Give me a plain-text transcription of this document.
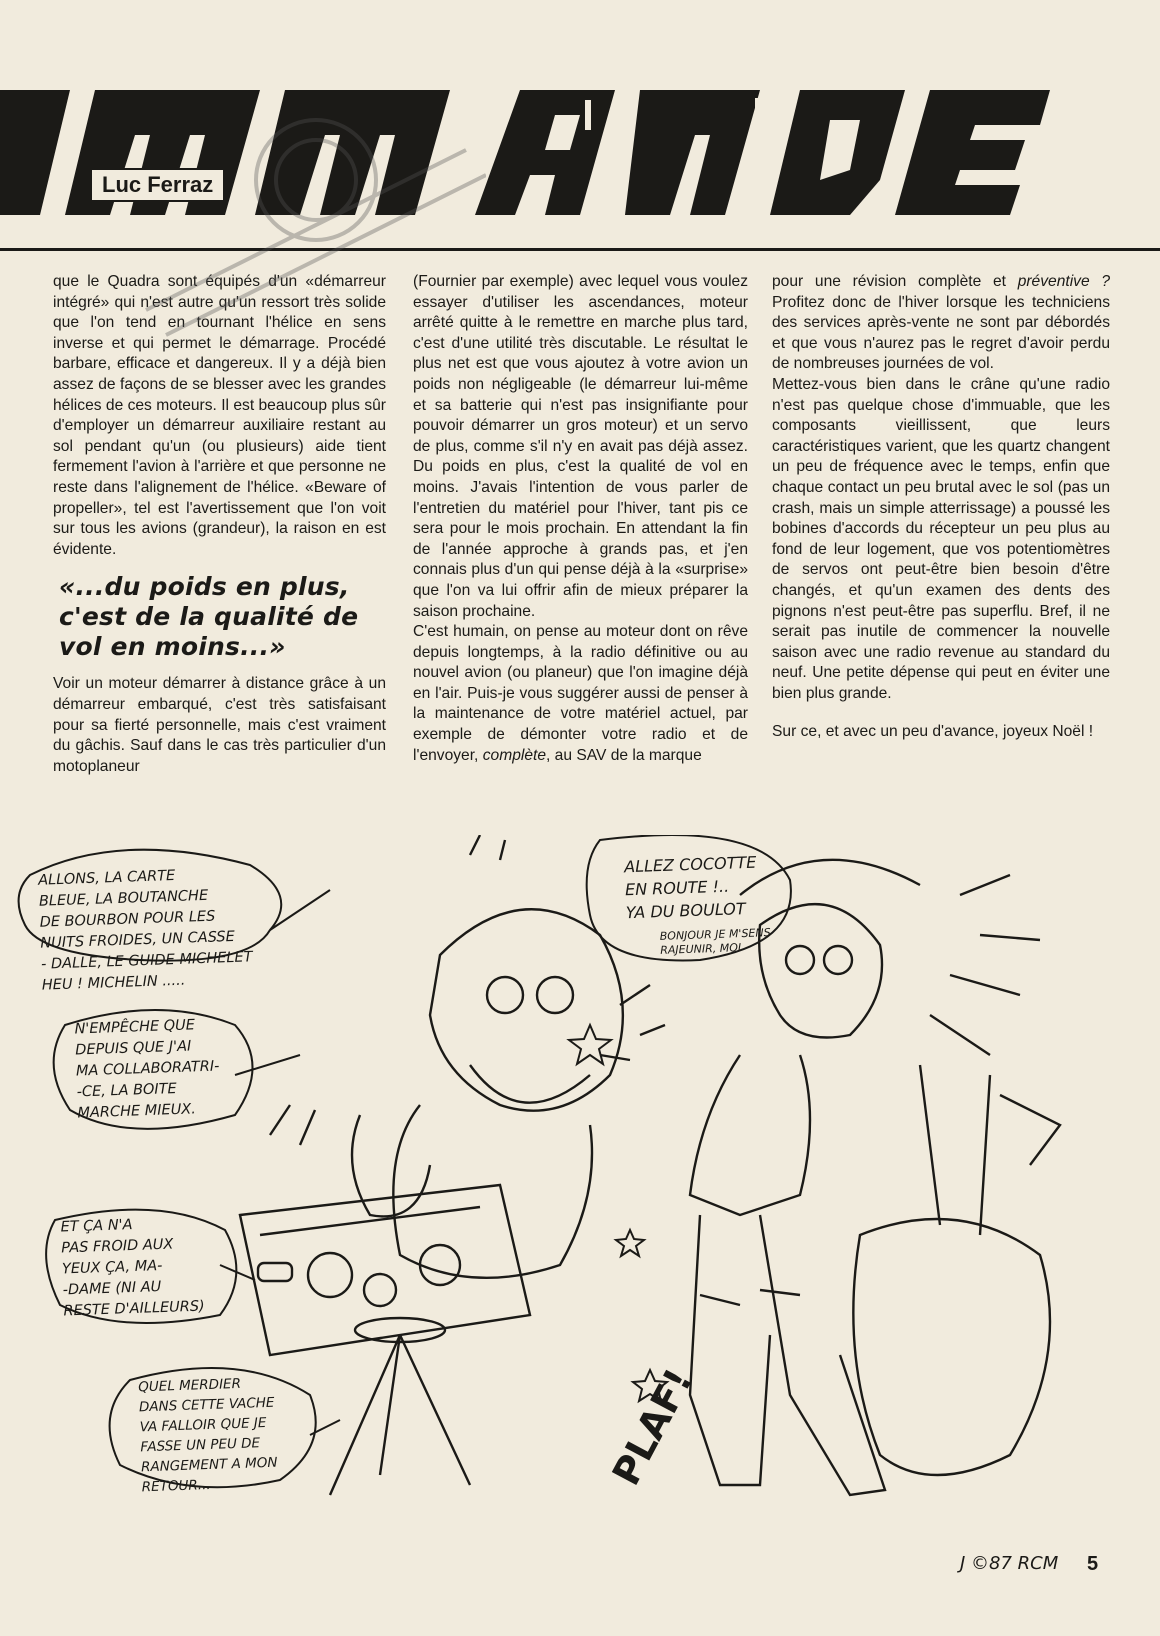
Luc Ferraz

que le Quadra sont équipés d'un «démarreur intégré» qui n'est autre qu'un ressort très solide que l'on tend en tournant l'hélice en sens inverse et qui permet le démarrage. Procédé barbare, efficace et dangereux. Il y a déjà bien assez de façons de se blesser avec les grandes hélices de ces moteurs. Il est beaucoup plus sûr d'employer un démarreur auxiliaire restant au sol pendant qu'un (ou plusieurs) aide tient fermement l'avion à l'arrière et que personne ne reste dans l'alignement de l'hélice. «Beware of propeller», tel est l'avertissement que l'on voit sur tous les avions (grandeur), la raison en est évidente.

«...du poids en plus, c'est de la qualité de vol en moins...»

Voir un moteur démarrer à distance grâce à un démarreur embarqué, c'est très satisfaisant pour sa fierté personnelle, mais c'est vraiment du gâchis. Sauf dans le cas très particulier d'un motoplaneur

(Fournier par exemple) avec lequel vous voulez essayer d'utiliser les ascendances, moteur arrêté quitte à le remettre en marche plus tard, c'est d'une utilité très discutable. Le résultat le plus net est que vous ajoutez à votre avion un poids non négligeable (le démarreur lui-même et sa batterie qui n'est pas insignifiante pour pouvoir démarrer un gros moteur) et un servo de plus, comme s'il n'y en avait pas déjà assez. Du poids en plus, c'est la qualité de vol en moins. J'avais l'intention de vous parler de l'entretien du matériel pour l'hiver, tant pis ce sera pour le mois prochain. En attendant la fin de l'année approche à grands pas, et j'en connais plus d'un qui pense déjà à la «surprise» que l'on va lui offrir afin de mieux préparer la saison prochaine.

C'est humain, on pense au moteur dont on rêve depuis longtemps, à la radio définitive ou au nouvel avion (ou planeur) que l'on imagine déjà en l'air. Puis-je vous suggérer aussi de penser à la maintenance de votre matériel actuel, par exemple de démonter votre radio et de l'envoyer, complète, au SAV de la marque

pour une révision complète et préventive ? Profitez donc de l'hiver lorsque les techniciens des services après-vente ne sont par débordés et que vous n'aurez pas le regret d'avoir perdu de nombreuses journées de vol.

Mettez-vous bien dans le crâne qu'une radio n'est pas quelque chose d'immuable, que les composants vieillissent, que leurs caractéristiques varient, que les quartz changent un peu de fréquence avec le temps, enfin que chaque contact un peu brutal avec le sol (pas un crash, mais un simple atterrissage) a poussé les bobines d'accords du récepteur un peu plus au fond de leur logement, que vos potentiomètres de servos ont peut-être bien besoin d'être changés, et qu'un examen des dents des pignons n'est peut-être pas superflu. Bref, il ne serait pas inutile de commencer la nouvelle saison avec une radio revenue au standard du neuf. Une petite dépense qui peut en éviter une bien plus grande.

Sur ce, et avec un peu d'avance, joyeux Noël !

ALLONS, LA CARTE
BLEUE, LA BOUTANCHE
DE BOURBON POUR LES
NUITS FROIDES, UN CASSE
- DALLE, LE GUIDE MICHELET
HEU ! MICHELIN .....
ALLEZ COCOTTE
EN ROUTE !..
YA DU BOULOT
BONJOUR JE M'SENS
RAJEUNIR, MOI
N'EMPÊCHE QUE
DEPUIS QUE J'AI
MA COLLABORATRI-
-CE, LA BOITE
MARCHE MIEUX.
ET ÇA N'A
PAS FROID AUX
YEUX ÇA, MA-
-DAME (NI AU
RESTE D'AILLEURS)
QUEL MERDIER
DANS CETTE VACHE
VA FALLOIR QUE JE
FASSE UN PEU DE
RANGEMENT A MON
RETOUR...	PLAF!
J ©87 RCM 5
